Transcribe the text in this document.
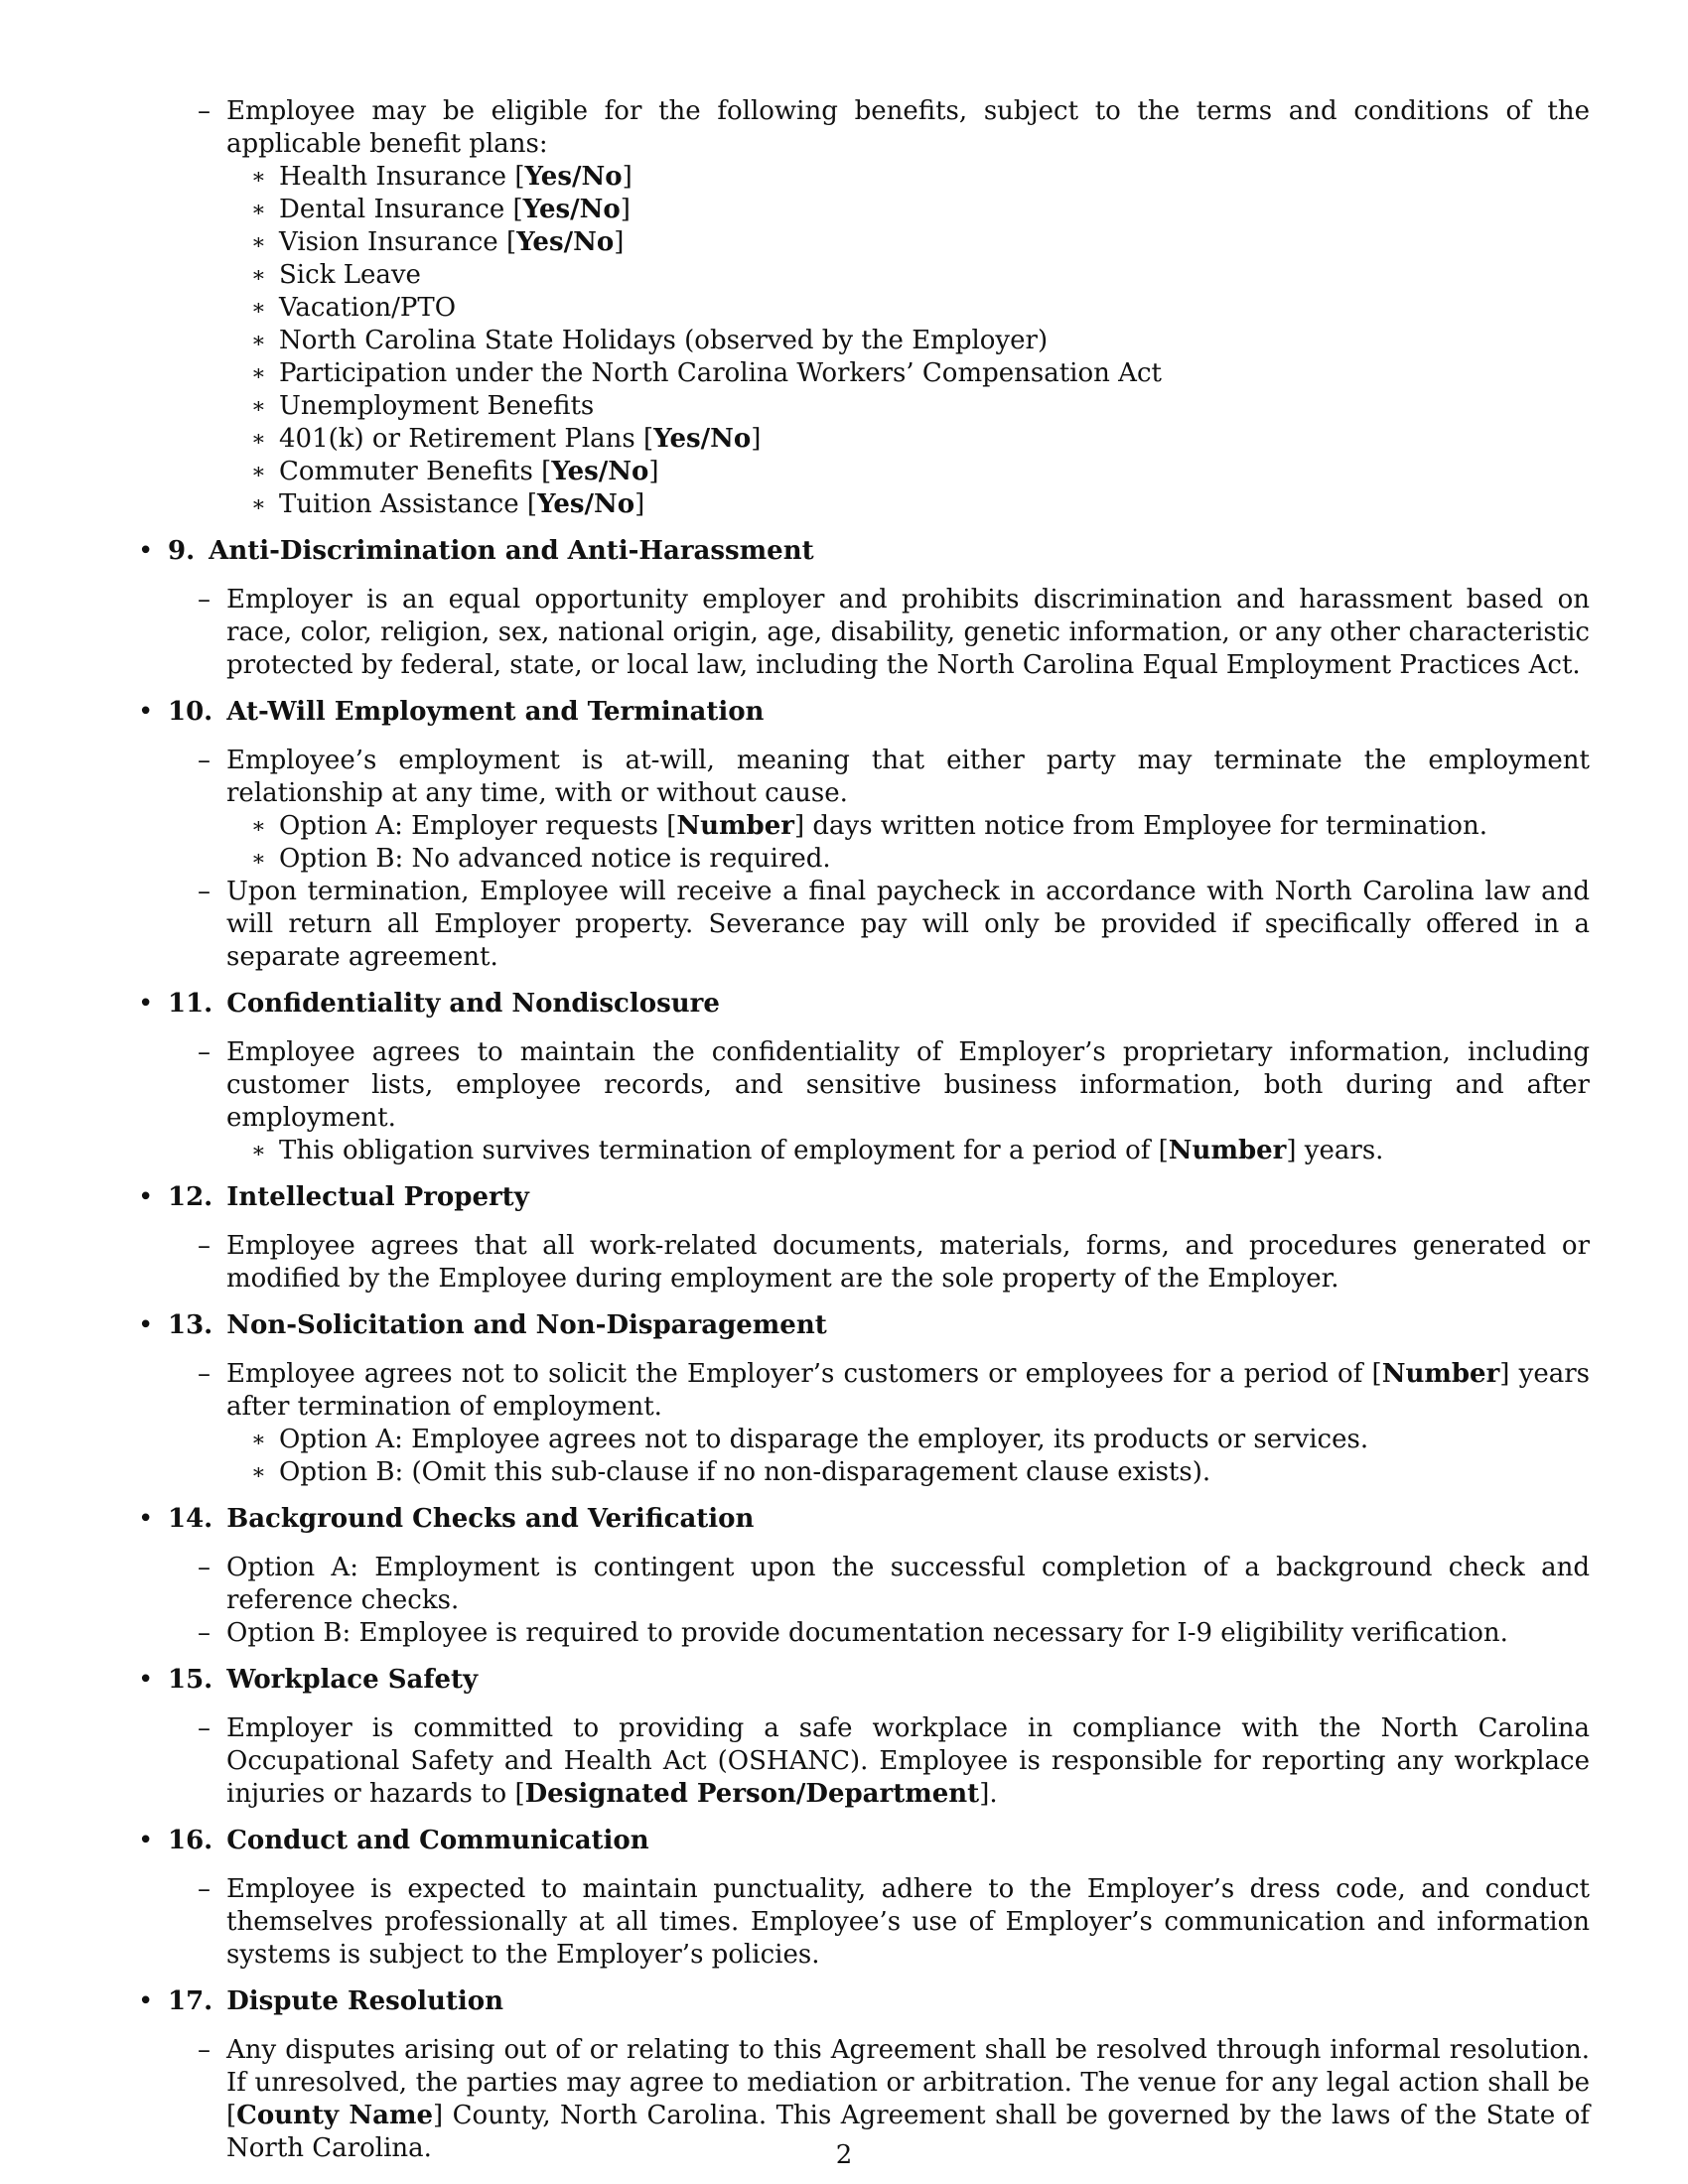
– Employee may be eligible for the following benefits, subject to the terms and conditions of the applicable benefit plans:
∗ Health Insurance [Yes/No]
∗ Dental Insurance [Yes/No]
∗ Vision Insurance [Yes/No]
∗ Sick Leave
∗ Vacation/PTO
∗ North Carolina State Holidays (observed by the Employer)
∗ Participation under the North Carolina Workers’ Compensation Act
∗ Unemployment Benefits
∗ 401(k) or Retirement Plans [Yes/No]
∗ Commuter Benefits [Yes/No]
∗ Tuition Assistance [Yes/No]
• 9. Anti-Discrimination and Anti-Harassment
– Employer is an equal opportunity employer and prohibits discrimination and harassment based on race, color, religion, sex, national origin, age, disability, genetic information, or any other characteristic protected by federal, state, or local law, including the North Carolina Equal Employment Practices Act.
• 10. At-Will Employment and Termination
– Employee’s employment is at-will, meaning that either party may terminate the employment relationship at any time, with or without cause.
∗ Option A: Employer requests [Number] days written notice from Employee for termination.
∗ Option B: No advanced notice is required.
– Upon termination, Employee will receive a final paycheck in accordance with North Carolina law and will return all Employer property. Severance pay will only be provided if specifically offered in a separate agreement.
• 11. Confidentiality and Nondisclosure
– Employee agrees to maintain the confidentiality of Employer’s proprietary information, including customer lists, employee records, and sensitive business information, both during and after employment.
∗ This obligation survives termination of employment for a period of [Number] years.
• 12. Intellectual Property
– Employee agrees that all work-related documents, materials, forms, and procedures generated or modified by the Employee during employment are the sole property of the Employer.
• 13. Non-Solicitation and Non-Disparagement
– Employee agrees not to solicit the Employer’s customers or employees for a period of [Number] years after termination of employment.
∗ Option A: Employee agrees not to disparage the employer, its products or services.
∗ Option B: (Omit this sub-clause if no non-disparagement clause exists).
• 14. Background Checks and Verification
– Option A: Employment is contingent upon the successful completion of a background check and reference checks.
– Option B: Employee is required to provide documentation necessary for I-9 eligibility verification.
• 15. Workplace Safety
– Employer is committed to providing a safe workplace in compliance with the North Carolina Occupational Safety and Health Act (OSHANC). Employee is responsible for reporting any workplace injuries or hazards to [Designated Person/Department].
• 16. Conduct and Communication
– Employee is expected to maintain punctuality, adhere to the Employer’s dress code, and conduct themselves professionally at all times. Employee’s use of Employer’s communication and information systems is subject to the Employer’s policies.
• 17. Dispute Resolution
– Any disputes arising out of or relating to this Agreement shall be resolved through informal resolution. If unresolved, the parties may agree to mediation or arbitration. The venue for any legal action shall be [County Name] County, North Carolina. This Agreement shall be governed by the laws of the State of North Carolina.	2
